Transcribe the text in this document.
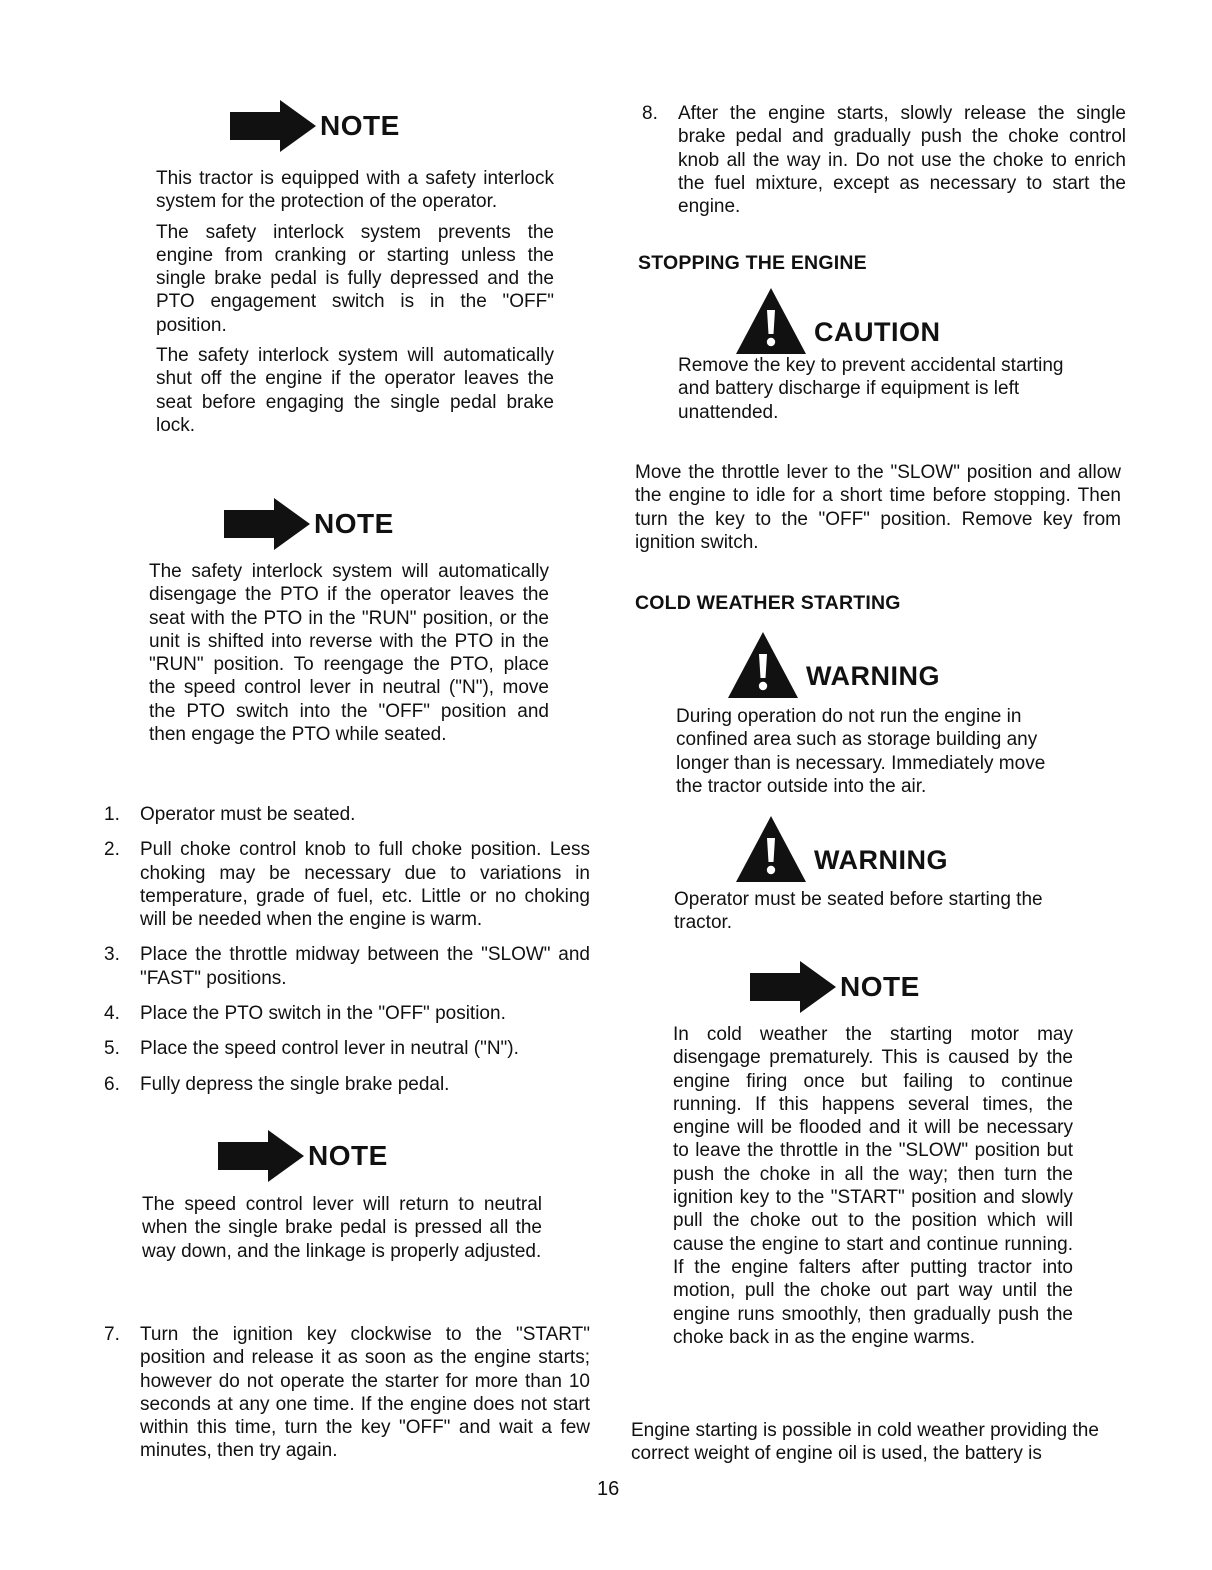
NOTE

This tractor is equipped with a safety interlock system for the protection of the operator.

The safety interlock system prevents the engine from cranking or starting unless the single brake pedal is fully depressed and the PTO engagement switch is in the "OFF" position.

The safety interlock system will automatically shut off the engine if the operator leaves the seat before engaging the single pedal brake lock.

NOTE

The safety interlock system will automatically disengage the PTO if the operator leaves the seat with the PTO in the "RUN" position, or the unit is shifted into reverse with the PTO in the "RUN" position. To reengage the PTO, place the speed control lever in neutral ("N"), move the PTO switch into the "OFF" position and then engage the PTO while seated.

1.	Operator must be seated.
2.	Pull choke control knob to full choke position. Less choking may be necessary due to variations in temperature, grade of fuel, etc. Little or no choking will be needed when the engine is warm.
3.	Place the throttle midway between the "SLOW" and "FAST" positions.
4.	Place the PTO switch in the "OFF" position.
5.	Place the speed control lever in neutral ("N").
6.	Fully depress the single brake pedal.
NOTE

The speed control lever will return to neutral when the single brake pedal is pressed all the way down, and the linkage is properly adjusted.

7.	Turn the ignition key clockwise to the "START" position and release it as soon as the engine starts; however do not operate the starter for more than 10 seconds at any one time. If the engine does not start within this time, turn the key "OFF" and wait a few minutes, then try again.
8.	After the engine starts, slowly release the single brake pedal and gradually push the choke control knob all the way in. Do not use the choke to enrich the fuel mixture, except as necessary to start the engine.
STOPPING THE ENGINE
CAUTION

Remove the key to prevent accidental starting and battery discharge if equipment is left unattended.

Move the throttle lever to the "SLOW" position and allow the engine to idle for a short time before stopping. Then turn the key to the "OFF" position. Remove key from ignition switch.

COLD WEATHER STARTING
WARNING

During operation do not run the engine in confined area such as storage building any longer than is necessary. Immediately move the tractor outside into the air.

WARNING

Operator must be seated before starting the tractor.

NOTE

In cold weather the starting motor may disengage prematurely. This is caused by the engine firing once but failing to continue running. If this happens several times, the engine will be flooded and it will be necessary to leave the throttle in the "SLOW" position but push the choke in all the way; then turn the ignition key to the "START" position and slowly pull the choke out to the position which will cause the engine to start and continue running. If the engine falters after putting tractor into motion, pull the choke out part way until the engine runs smoothly, then gradually push the choke back in as the engine warms.

Engine starting is possible in cold weather providing the correct weight of engine oil is used, the battery is

16
